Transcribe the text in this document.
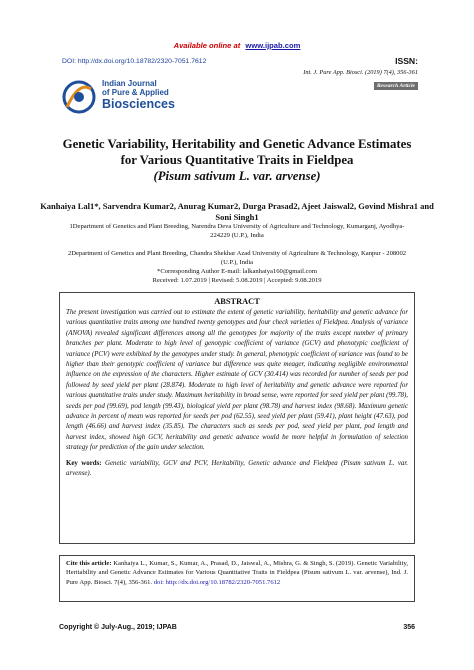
Available online at www.ijpab.com
DOI: http://dx.doi.org/10.18782/2320-7051.7612	ISSN:
Int. J. Pure App. Biosci. (2019) 7(4), 356-361
Research Article
Indian Journal
of Pure & Applied
Biosciences
Genetic Variability, Heritability and Genetic Advance Estimates
for Various Quantitative Traits in Fieldpea
(Pisum sativum L. var. arvense)
Kanhaiya Lal1*, Sarvendra Kumar2, Anurag Kumar2, Durga Prasad2, Ajeet Jaiswal2, Govind Mishra1 and Soni Singh1
1Department of Genetics and Plant Breeding, Narendra Deva University of Agriculture and Technology, Kumarganj, Ayodhya-224229 (U.P.), India
2Department of Genetics and Plant Breeding, Chandra Shekhar Azad University of Agriculture & Technology, Kanpur - 208002 (U.P.), India
*Corresponding Author E-mail: lalkanhaiya160@gmail.com
Received: 1.07.2019 | Revised: 5.08.2019 | Accepted: 9.08.2019
ABSTRACT
The present investigation was carried out to estimate the extent of genetic variability, heritability and genetic advance for various quantitative traits among one hundred twenty genotypes and four check varieties of Fieldpea. Analysis of variance (ANOVA) revealed significant differences among all the genotypes for majority of the traits except number of primary branches per plant. Moderate to high level of genotypic coefficient of variance (GCV) and phenotypic coefficient of variance (PCV) were exhibited by the genotypes under study. In general, phenotypic coefficient of variance was found to be higher than their genotypic coefficient of variance but difference was quite meager, indicating negligible environmental influence on the expression of the characters. Higher estimate of GCV (30.414) was recorded for number of seeds per pod followed by seed yield per plant (28.874). Moderate to high level of heritability and genetic advance were reported for various quantitative traits under study. Maximum heritability in broad sense, were reported for seed yield per plant (99.78), seeds per pod (99.69), pod length (99.43), biological yield per plant (98.78) and harvest index (98.68). Maximum genetic advance in percent of mean was reported for seeds per pod (62.55), seed yield per plant (59.41), plant height (47.63), pod length (46.66) and harvest index (35.85). The characters such as seeds per pod, seed yield per plant, pod length and harvest index, showed high GCV, heritability and genetic advance would be more helpful in formulation of selection strategy for prediction of the gain under selection.
Key words: Genetic variability, GCV and PCV, Heritability, Genetic advance and Fieldpea (Pisum sativum L. var. arvense).
Cite this article: Kanhaiya L., Kumar, S., Kumar, A., Prasad, D., Jaiswal, A., Mishra, G. & Singh, S. (2019). Genetic Variability, Heritability and Genetic Advance Estimates for Various Quantitative Traits in Fieldpea (Pisum sativum L. var. arvense), Ind. J. Pure App. Biosci. 7(4), 356-361. doi: http://dx.doi.org/10.18782/2320-7051.7612
Copyright © July-Aug., 2019; IJPAB	356
